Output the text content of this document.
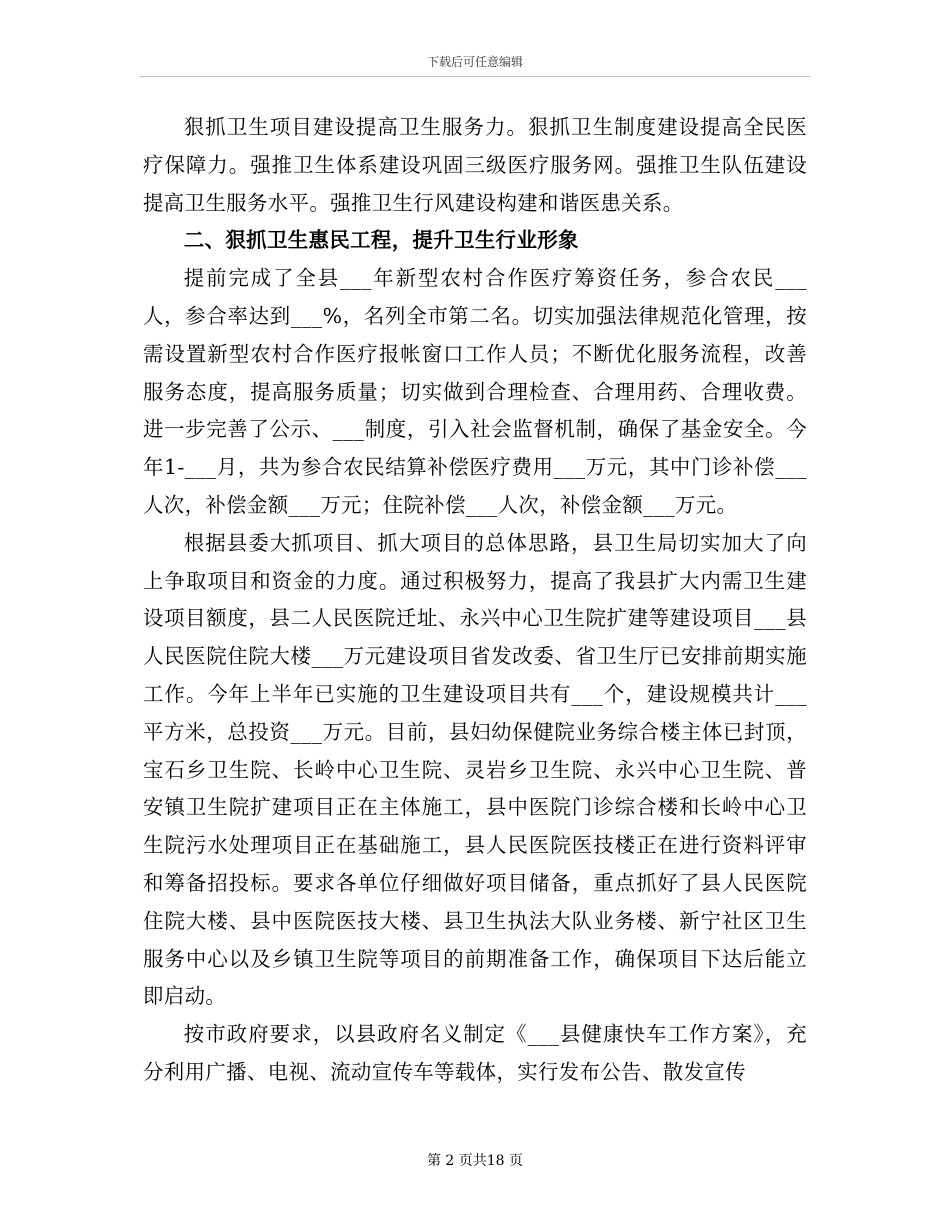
下载后可任意编辑

狠抓卫生项目建设提高卫生服务力。狠抓卫生制度建设提高全民医疗保障力。强推卫生体系建设巩固三级医疗服务网。强推卫生队伍建设提高卫生服务水平。强推卫生行风建设构建和谐医患关系。

二、狠抓卫生惠民工程，提升卫生行业形象

提前完成了全县___年新型农村合作医疗筹资任务，参合农民___人，参合率达到___%，名列全市第二名。切实加强法律规范化管理，按需设置新型农村合作医疗报帐窗口工作人员；不断优化服务流程，改善服务态度，提高服务质量；切实做到合理检查、合理用药、合理收费。进一步完善了公示、___制度，引入社会监督机制，确保了基金安全。今年1-___月，共为参合农民结算补偿医疗费用___万元，其中门诊补偿___人次，补偿金额___万元；住院补偿___人次，补偿金额___万元。

根据县委大抓项目、抓大项目的总体思路，县卫生局切实加大了向上争取项目和资金的力度。通过积极努力，提高了我县扩大内需卫生建设项目额度，县二人民医院迁址、永兴中心卫生院扩建等建设项目___县人民医院住院大楼___万元建设项目省发改委、省卫生厅已安排前期实施工作。今年上半年已实施的卫生建设项目共有___个，建设规模共计___平方米，总投资___万元。目前，县妇幼保健院业务综合楼主体已封顶，宝石乡卫生院、长岭中心卫生院、灵岩乡卫生院、永兴中心卫生院、普安镇卫生院扩建项目正在主体施工，县中医院门诊综合楼和长岭中心卫生院污水处理项目正在基础施工，县人民医院医技楼正在进行资料评审和筹备招投标。要求各单位仔细做好项目储备，重点抓好了县人民医院住院大楼、县中医院医技大楼、县卫生执法大队业务楼、新宁社区卫生服务中心以及乡镇卫生院等项目的前期准备工作，确保项目下达后能立即启动。

按市政府要求，以县政府名义制定《___县健康快车工作方案》，充分利用广播、电视、流动宣传车等载体，实行发布公告、散发宣传

第 2 页共18 页
